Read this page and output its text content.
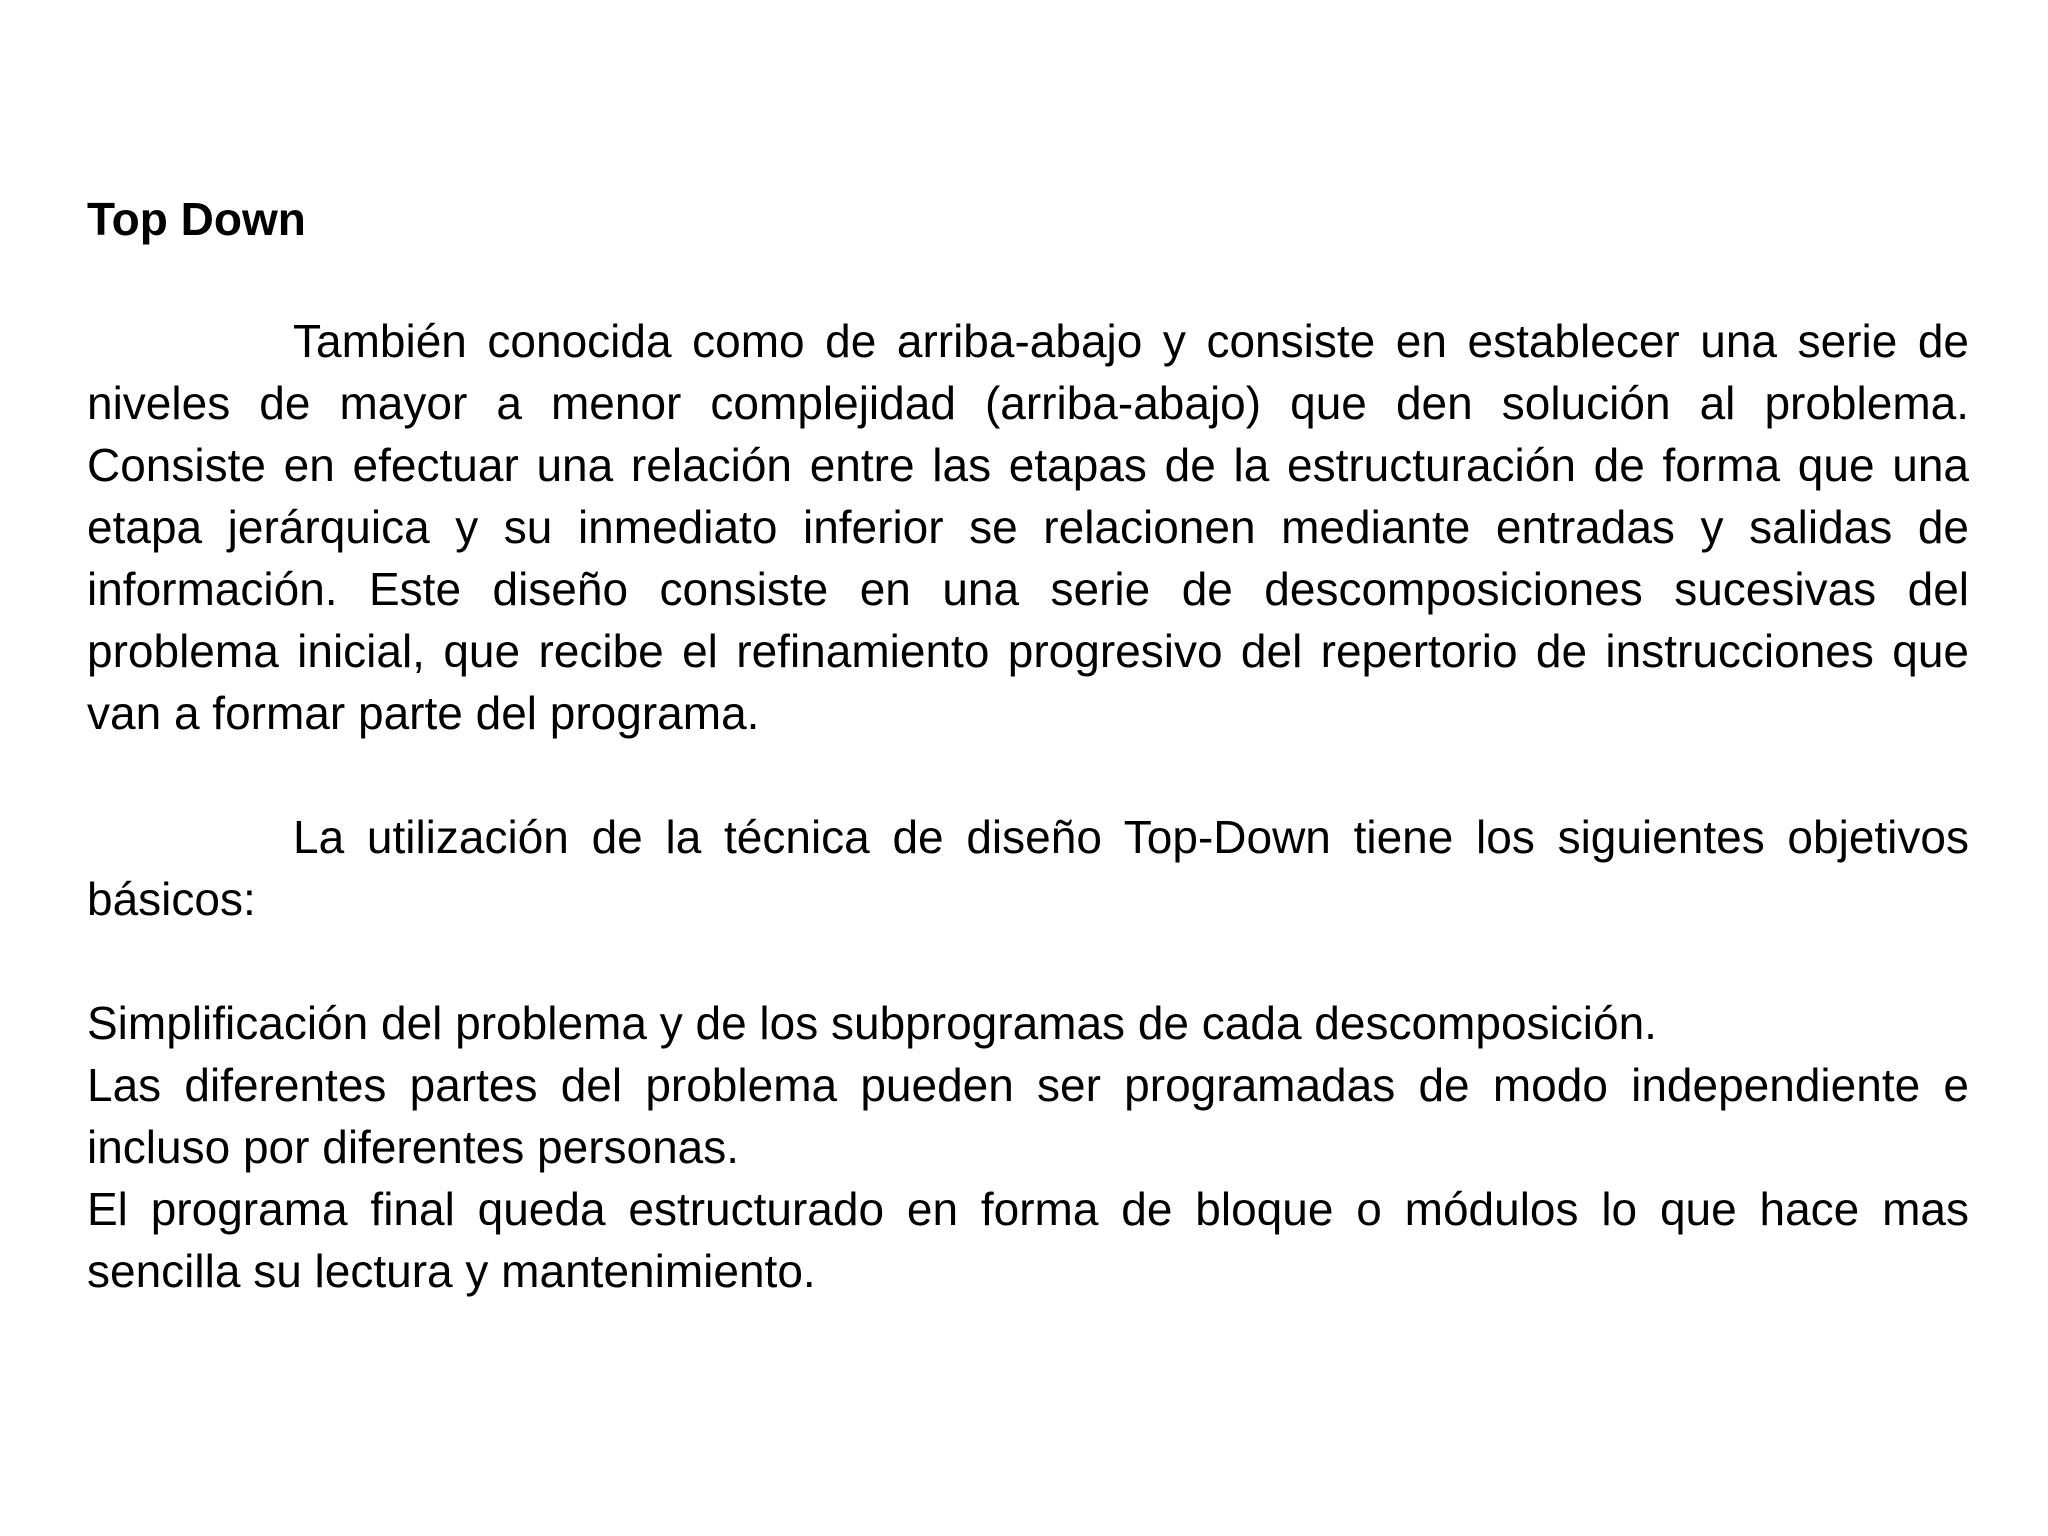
Top Down

También conocida como de arriba-abajo y consiste en establecer una serie de niveles de mayor a menor complejidad (arriba-abajo) que den solución al problema. Consiste en efectuar una relación entre las etapas de la estructuración de forma que una etapa jerárquica y su inmediato inferior se relacionen mediante entradas y salidas de información. Este diseño consiste en una serie de descomposiciones sucesivas del problema inicial, que recibe el refinamiento progresivo del repertorio de instrucciones que van a formar parte del programa.

La utilización de la técnica de diseño Top-Down tiene los siguientes objetivos básicos:

Simplificación del problema y de los subprogramas de cada descomposición.

Las diferentes partes del problema pueden ser programadas de modo independiente e incluso por diferentes personas.

El programa final queda estructurado en forma de bloque o módulos lo que hace mas sencilla su lectura y mantenimiento.
